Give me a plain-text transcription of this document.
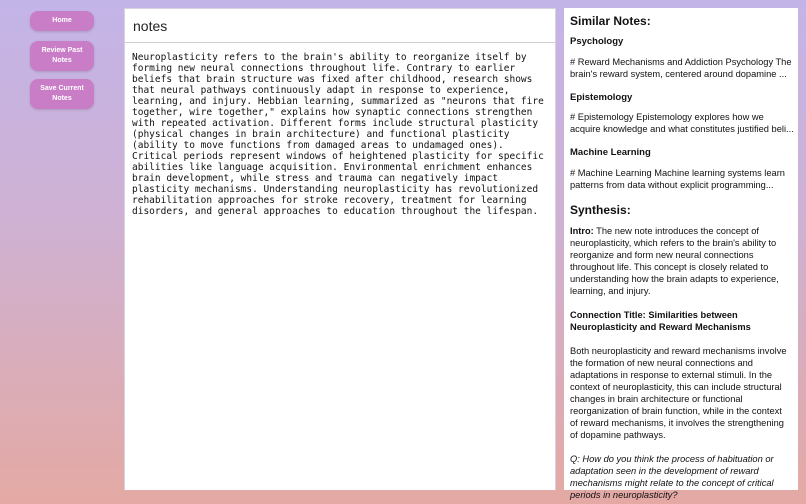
Home
Review Past Notes
Save Current Notes
notes
Neuroplasticity refers to the brain's ability to reorganize itself by forming new neural connections throughout life. Contrary to earlier beliefs that brain structure was fixed after childhood, research shows that neural pathways continuously adapt in response to experience, learning, and injury. Hebbian learning, summarized as "neurons that fire together, wire together," explains how synaptic connections strengthen with repeated activation. Different forms include structural plasticity (physical changes in brain architecture) and functional plasticity (ability to move functions from damaged areas to undamaged ones). Critical periods represent windows of heightened plasticity for specific abilities like language acquisition. Environmental enrichment enhances brain development, while stress and trauma can negatively impact plasticity mechanisms. Understanding neuroplasticity has revolutionized rehabilitation approaches for stroke recovery, treatment for learning disorders, and general approaches to education throughout the lifespan.
Similar Notes:
Psychology
# Reward Mechanisms and Addiction Psychology The
brain's reward system, centered around dopamine ...
Epistemology
# Epistemology Epistemology explores how we
acquire knowledge and what constitutes justified beli...
Machine Learning
# Machine Learning Machine learning systems learn
patterns from data without explicit programming...
Synthesis:

Intro: The new note introduces the concept of neuroplasticity, which refers to the brain's ability to reorganize and form new neural connections throughout life. This concept is closely related to understanding how the brain adapts to experience, learning, and injury.

Connection Title: Similarities between Neuroplasticity and Reward Mechanisms

Both neuroplasticity and reward mechanisms involve the formation of new neural connections and adaptations in response to external stimuli. In the context of neuroplasticity, this can include structural changes in brain architecture or functional reorganization of brain function, while in the context of reward mechanisms, it involves the strengthening of dopamine pathways.

Q: How do you think the process of habituation or adaptation seen in the development of reward mechanisms might relate to the concept of critical periods in neuroplasticity?
